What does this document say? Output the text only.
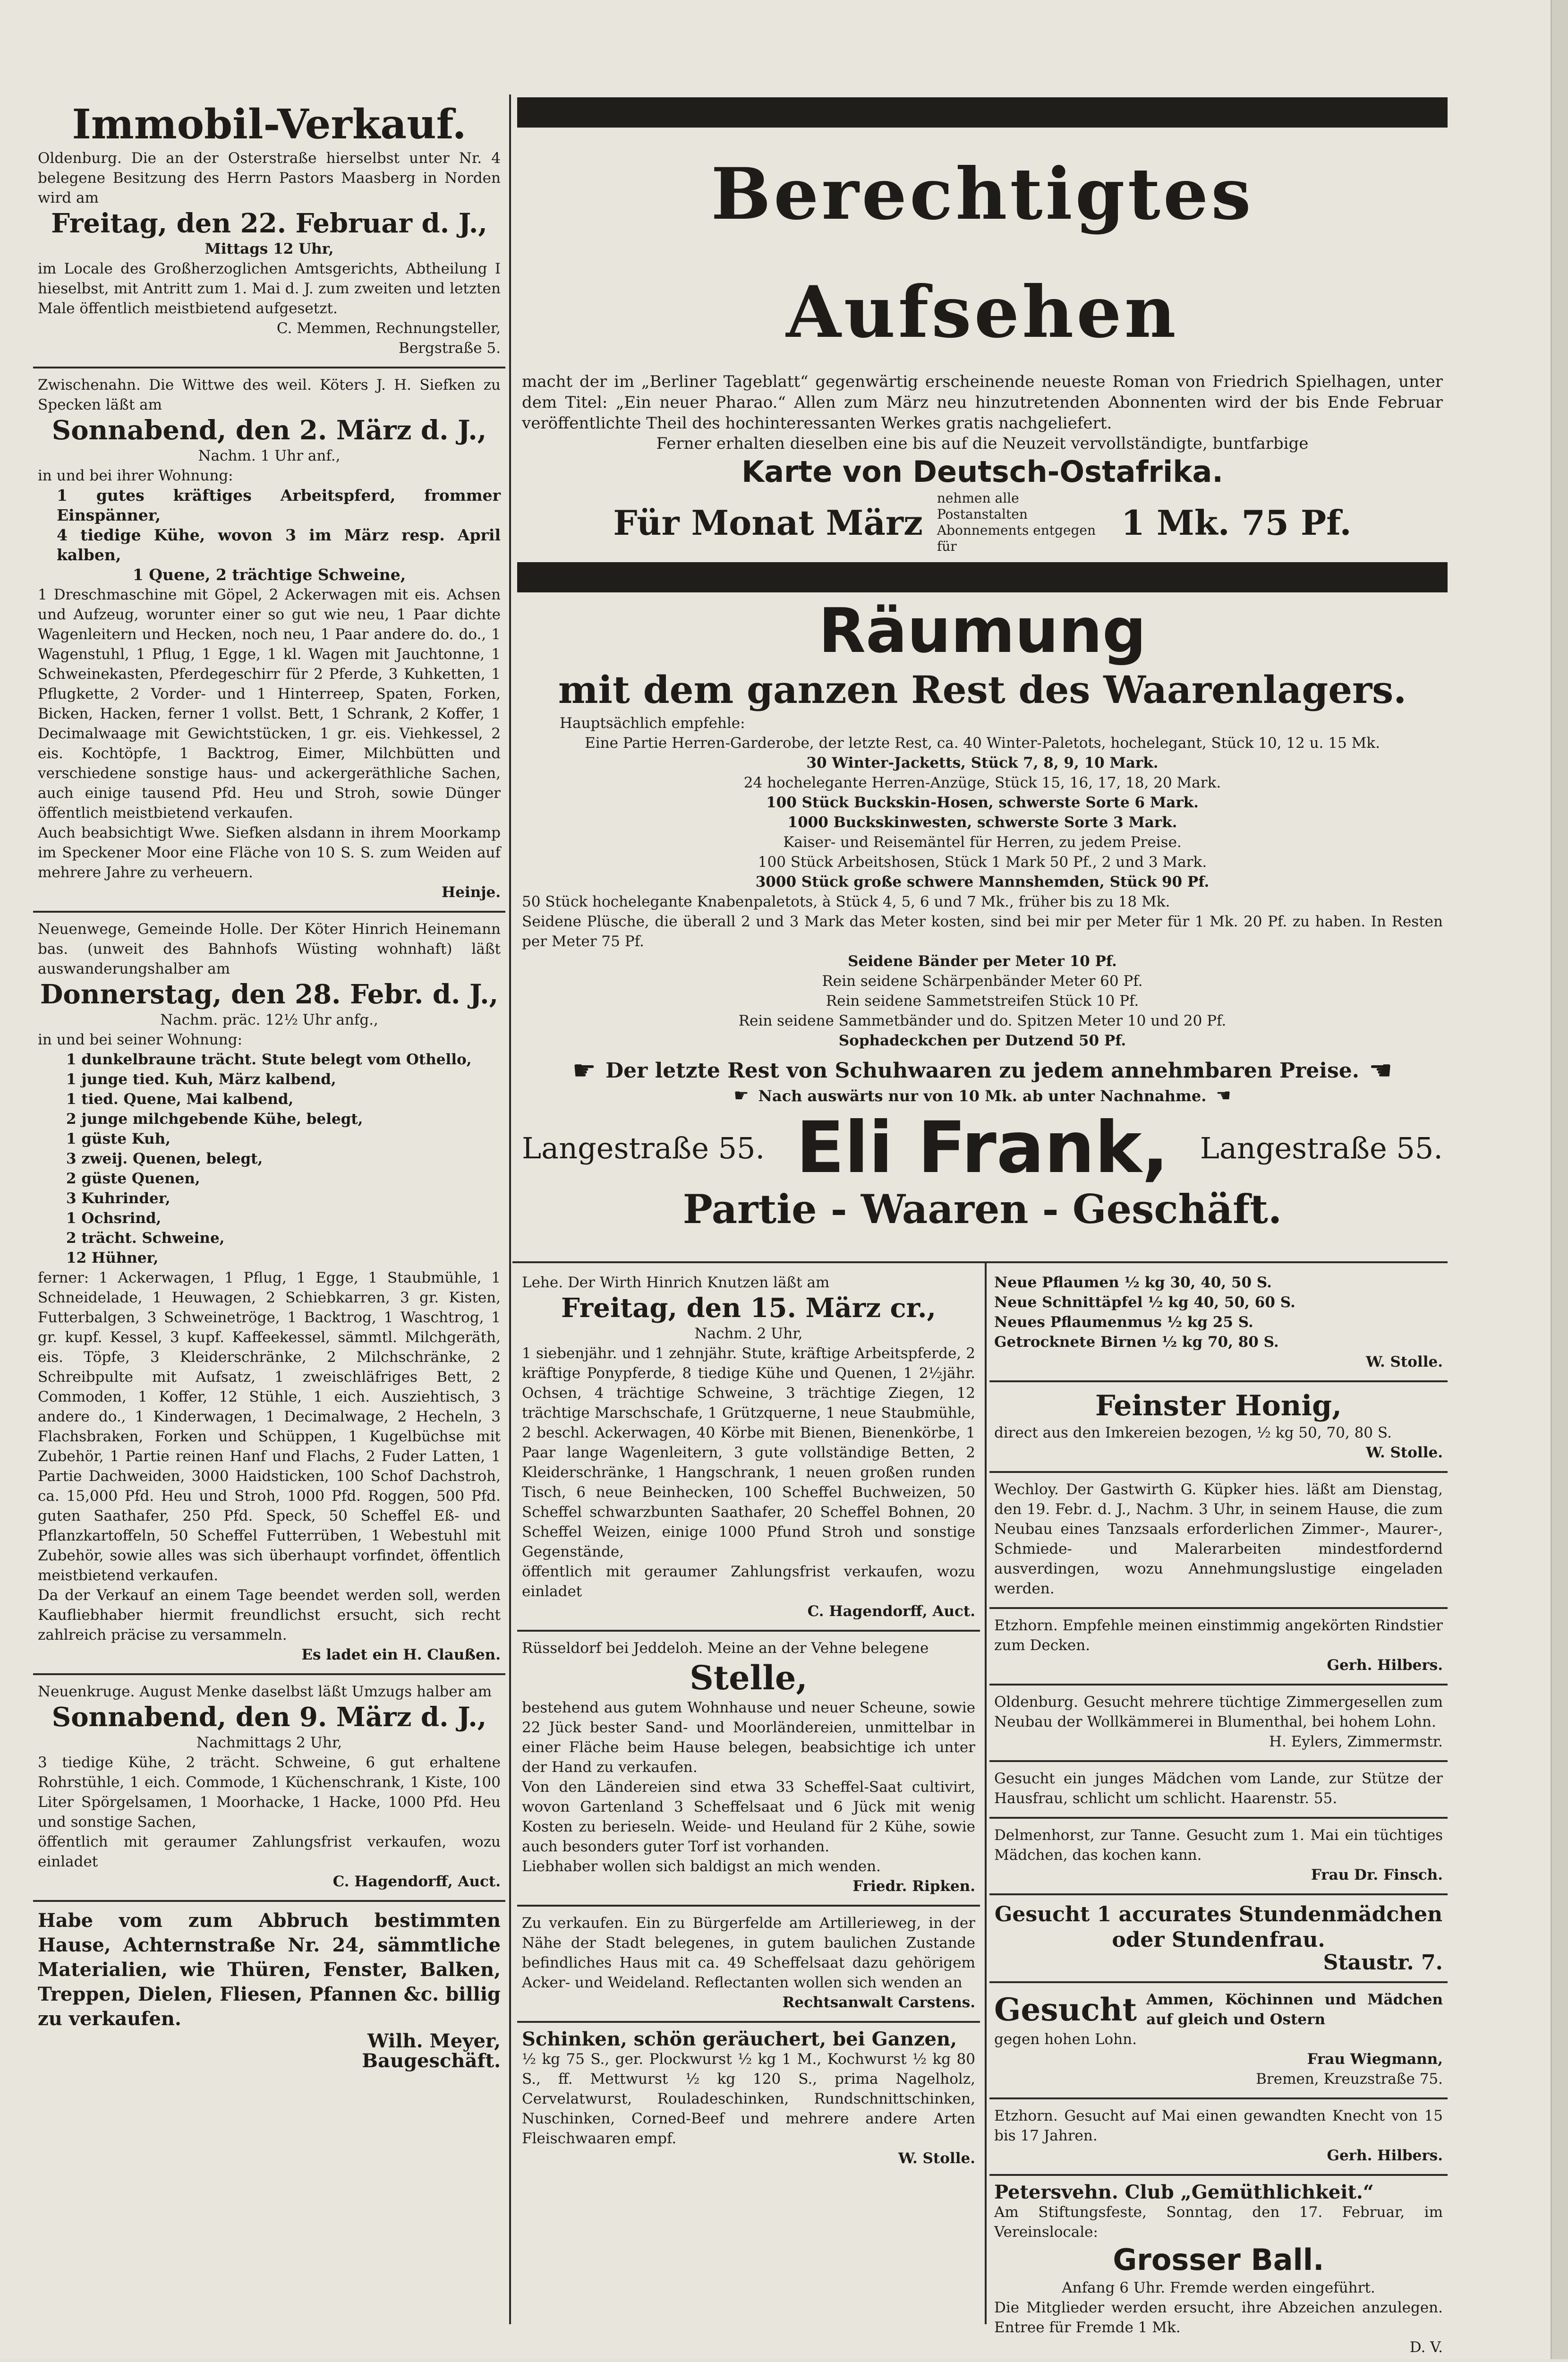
Immobil-Verkauf.

Oldenburg. Die an der Osterstraße hierselbst unter Nr. 4 belegene Besitzung des Herrn Pastors Maasberg in Norden wird am

Freitag, den 22. Februar d. J.,

Mittags 12 Uhr,

im Locale des Großherzoglichen Amtsgerichts, Abtheilung I hieselbst, mit Antritt zum 1. Mai d. J. zum zweiten und letzten Male öffentlich meistbietend aufgesetzt.

C. Memmen, Rechnungsteller,

Bergstraße 5.

Zwischenahn. Die Wittwe des weil. Köters J. H. Siefken zu Specken läßt am

Sonnabend, den 2. März d. J.,

Nachm. 1 Uhr anf.,

in und bei ihrer Wohnung:

1 gutes kräftiges Arbeitspferd, frommer Einspänner,

4 tiedige Kühe, wovon 3 im März resp. April kalben,

1 Quene, 2 trächtige Schweine,

1 Dreschmaschine mit Göpel, 2 Ackerwagen mit eis. Achsen und Aufzeug, worunter einer so gut wie neu, 1 Paar dichte Wagenleitern und Hecken, noch neu, 1 Paar andere do. do., 1 Wagenstuhl, 1 Pflug, 1 Egge, 1 kl. Wagen mit Jauchtonne, 1 Schweinekasten, Pferdegeschirr für 2 Pferde, 3 Kuhketten, 1 Pflugkette, 2 Vorder- und 1 Hinterreep, Spaten, Forken, Bicken, Hacken, ferner 1 vollst. Bett, 1 Schrank, 2 Koffer, 1 Decimalwaage mit Gewichtstücken, 1 gr. eis. Viehkessel, 2 eis. Kochtöpfe, 1 Backtrog, Eimer, Milchbütten und verschiedene sonstige haus- und ackergeräthliche Sachen, auch einige tausend Pfd. Heu und Stroh, sowie Dünger öffentlich meistbietend verkaufen.

Auch beabsichtigt Wwe. Siefken alsdann in ihrem Moorkamp im Speckener Moor eine Fläche von 10 S. S. zum Weiden auf mehrere Jahre zu verheuern.

Heinje.

Neuenwege, Gemeinde Holle. Der Köter Hinrich Heinemann bas. (unweit des Bahnhofs Wüsting wohnhaft) läßt auswanderungshalber am

Donnerstag, den 28. Febr. d. J.,

Nachm. präc. 12½ Uhr anfg.,

in und bei seiner Wohnung:

1 dunkelbraune trächt. Stute belegt vom Othello,

1 junge tied. Kuh, März kalbend,

1 tied. Quene, Mai kalbend,

2 junge milchgebende Kühe, belegt,

1 güste Kuh,

3 zweij. Quenen, belegt,

2 güste Quenen,

3 Kuhrinder,

1 Ochsrind,

2 trächt. Schweine,

12 Hühner,

ferner: 1 Ackerwagen, 1 Pflug, 1 Egge, 1 Staubmühle, 1 Schneidelade, 1 Heuwagen, 2 Schiebkarren, 3 gr. Kisten, Futterbalgen, 3 Schweinetröge, 1 Backtrog, 1 Waschtrog, 1 gr. kupf. Kessel, 3 kupf. Kaffeekessel, sämmtl. Milchgeräth, eis. Töpfe, 3 Kleiderschränke, 2 Milchschränke, 2 Schreibpulte mit Aufsatz, 1 zweischläfriges Bett, 2 Commoden, 1 Koffer, 12 Stühle, 1 eich. Ausziehtisch, 3 andere do., 1 Kinderwagen, 1 Decimalwage, 2 Hecheln, 3 Flachsbraken, Forken und Schüppen, 1 Kugelbüchse mit Zubehör, 1 Partie reinen Hanf und Flachs, 2 Fuder Latten, 1 Partie Dachweiden, 3000 Haidsticken, 100 Schof Dachstroh, ca. 15,000 Pfd. Heu und Stroh, 1000 Pfd. Roggen, 500 Pfd. guten Saathafer, 250 Pfd. Speck, 50 Scheffel Eß- und Pflanzkartoffeln, 50 Scheffel Futterrüben, 1 Webestuhl mit Zubehör, sowie alles was sich überhaupt vorfindet, öffentlich meistbietend verkaufen.

Da der Verkauf an einem Tage beendet werden soll, werden Kaufliebhaber hiermit freundlichst ersucht, sich recht zahlreich präcise zu versammeln.

Es ladet ein H. Claußen.

Neuenkruge. August Menke daselbst läßt Umzugs halber am

Sonnabend, den 9. März d. J.,

Nachmittags 2 Uhr,

3 tiedige Kühe, 2 trächt. Schweine, 6 gut erhaltene Rohrstühle, 1 eich. Commode, 1 Küchenschrank, 1 Kiste, 100 Liter Spörgelsamen, 1 Moorhacke, 1 Hacke, 1000 Pfd. Heu und sonstige Sachen,

öffentlich mit geraumer Zahlungsfrist verkaufen, wozu einladet

C. Hagendorff, Auct.

Habe vom zum Abbruch bestimmten Hause, Achternstraße Nr. 24, sämmtliche Materialien, wie Thüren, Fenster, Balken, Treppen, Dielen, Fliesen, Pfannen &c. billig zu verkaufen.

Wilh. Meyer,

Baugeschäft.

Berechtigtes Aufsehen

macht der im „Berliner Tageblatt“ gegenwärtig erscheinende neueste Roman von Friedrich Spielhagen, unter dem Titel: „Ein neuer Pharao.“ Allen zum März neu hinzutretenden Abonnenten wird der bis Ende Februar veröffentlichte Theil des hochinteressanten Werkes gratis nachgeliefert.

Ferner erhalten dieselben eine bis auf die Neuzeit vervollständigte, buntfarbige

Karte von Deutsch-Ostafrika.

Für Monat März
nehmen alle Postanstalten Abonnements entgegen für
1 Mk. 75 Pf.

Räumung

mit dem ganzen Rest des Waarenlagers.

Hauptsächlich empfehle:

Eine Partie Herren-Garderobe, der letzte Rest, ca. 40 Winter-Paletots, hochelegant, Stück 10, 12 u. 15 Mk.

30 Winter-Jacketts, Stück 7, 8, 9, 10 Mark.

24 hochelegante Herren-Anzüge, Stück 15, 16, 17, 18, 20 Mark.

100 Stück Buckskin-Hosen, schwerste Sorte 6 Mark.

1000 Buckskinwesten, schwerste Sorte 3 Mark.

Kaiser- und Reisemäntel für Herren, zu jedem Preise.

100 Stück Arbeitshosen, Stück 1 Mark 50 Pf., 2 und 3 Mark.

3000 Stück große schwere Mannshemden, Stück 90 Pf.

50 Stück hochelegante Knabenpaletots, à Stück 4, 5, 6 und 7 Mk., früher bis zu 18 Mk.

Seidene Plüsche, die überall 2 und 3 Mark das Meter kosten, sind bei mir per Meter für 1 Mk. 20 Pf. zu haben. In Resten per Meter 75 Pf.

Seidene Bänder per Meter 10 Pf.

Rein seidene Schärpenbänder Meter 60 Pf.

Rein seidene Sammetstreifen Stück 10 Pf.

Rein seidene Sammetbänder und do. Spitzen Meter 10 und 20 Pf.

Sophadeckchen per Dutzend 50 Pf.

☛ Der letzte Rest von Schuhwaaren zu jedem annehmbaren Preise. ☚
☛ Nach auswärts nur von 10 Mk. ab unter Nachnahme. ☚
Langestraße 55. Eli Frank, Langestraße 55.

Partie - Waaren - Geschäft.

Lehe. Der Wirth Hinrich Knutzen läßt am

Freitag, den 15. März cr.,

Nachm. 2 Uhr,

1 siebenjähr. und 1 zehnjähr. Stute, kräftige Arbeitspferde, 2 kräftige Ponypferde, 8 tiedige Kühe und Quenen, 1 2½jähr. Ochsen, 4 trächtige Schweine, 3 trächtige Ziegen, 12 trächtige Marschschafe, 1 Grützquerne, 1 neue Staubmühle, 2 beschl. Ackerwagen, 40 Körbe mit Bienen, Bienenkörbe, 1 Paar lange Wagenleitern, 3 gute vollständige Betten, 2 Kleiderschränke, 1 Hangschrank, 1 neuen großen runden Tisch, 6 neue Beinhecken, 100 Scheffel Buchweizen, 50 Scheffel schwarzbunten Saathafer, 20 Scheffel Bohnen, 20 Scheffel Weizen, einige 1000 Pfund Stroh und sonstige Gegenstände,

öffentlich mit geraumer Zahlungsfrist verkaufen, wozu einladet

C. Hagendorff, Auct.

Rüsseldorf bei Jeddeloh. Meine an der Vehne belegene

Stelle,

bestehend aus gutem Wohnhause und neuer Scheune, sowie 22 Jück bester Sand- und Moorländereien, unmittelbar in einer Fläche beim Hause belegen, beabsichtige ich unter der Hand zu verkaufen.

Von den Ländereien sind etwa 33 Scheffel-Saat cultivirt, wovon Gartenland 3 Scheffelsaat und 6 Jück mit wenig Kosten zu berieseln. Weide- und Heuland für 2 Kühe, sowie auch besonders guter Torf ist vorhanden.

Liebhaber wollen sich baldigst an mich wenden.

Friedr. Ripken.

Zu verkaufen. Ein zu Bürgerfelde am Artillerieweg, in der Nähe der Stadt belegenes, in gutem baulichen Zustande befindliches Haus mit ca. 49 Scheffelsaat dazu gehörigem Acker- und Weideland. Reflectanten wollen sich wenden an

Rechtsanwalt Carstens.

Schinken, schön geräuchert, bei Ganzen,

½ kg 75 S., ger. Plockwurst ½ kg 1 M., Kochwurst ½ kg 80 S., ff. Mettwurst ½ kg 120 S., prima Nagelholz, Cervelatwurst, Rouladeschinken, Rundschnittschinken, Nuschinken, Corned-Beef und mehrere andere Arten Fleischwaaren empf.

W. Stolle.

Neue Pflaumen ½ kg 30, 40, 50 S.

Neue Schnittäpfel ½ kg 40, 50, 60 S.

Neues Pflaumenmus ½ kg 25 S.

Getrocknete Birnen ½ kg 70, 80 S.

W. Stolle.

Feinster Honig,

direct aus den Imkereien bezogen, ½ kg 50, 70, 80 S.

W. Stolle.

Wechloy. Der Gastwirth G. Küpker hies. läßt am Dienstag, den 19. Febr. d. J., Nachm. 3 Uhr, in seinem Hause, die zum Neubau eines Tanzsaals erforderlichen Zimmer-, Maurer-, Schmiede- und Malerarbeiten mindestfordernd ausverdingen, wozu Annehmungslustige eingeladen werden.

Etzhorn. Empfehle meinen einstimmig angekörten Rindstier zum Decken.

Gerh. Hilbers.

Oldenburg. Gesucht mehrere tüchtige Zimmergesellen zum Neubau der Wollkämmerei in Blumenthal, bei hohem Lohn.

H. Eylers, Zimmermstr.

Gesucht ein junges Mädchen vom Lande, zur Stütze der Hausfrau, schlicht um schlicht. Haarenstr. 55.

Delmenhorst, zur Tanne. Gesucht zum 1. Mai ein tüchtiges Mädchen, das kochen kann.

Frau Dr. Finsch.

Gesucht 1 accurates Stundenmädchen oder Stundenfrau.

Staustr. 7.

Gesucht Ammen, Köchinnen und Mädchen auf gleich und Ostern

gegen hohen Lohn.

Frau Wiegmann,

Bremen, Kreuzstraße 75.

Etzhorn. Gesucht auf Mai einen gewandten Knecht von 15 bis 17 Jahren.

Gerh. Hilbers.

Petersvehn. Club „Gemüthlichkeit.“

Am Stiftungsfeste, Sonntag, den 17. Februar, im Vereinslocale:

Grosser Ball.

Anfang 6 Uhr. Fremde werden eingeführt.

Die Mitglieder werden ersucht, ihre Abzeichen anzulegen. Entree für Fremde 1 Mk.

D. V.
